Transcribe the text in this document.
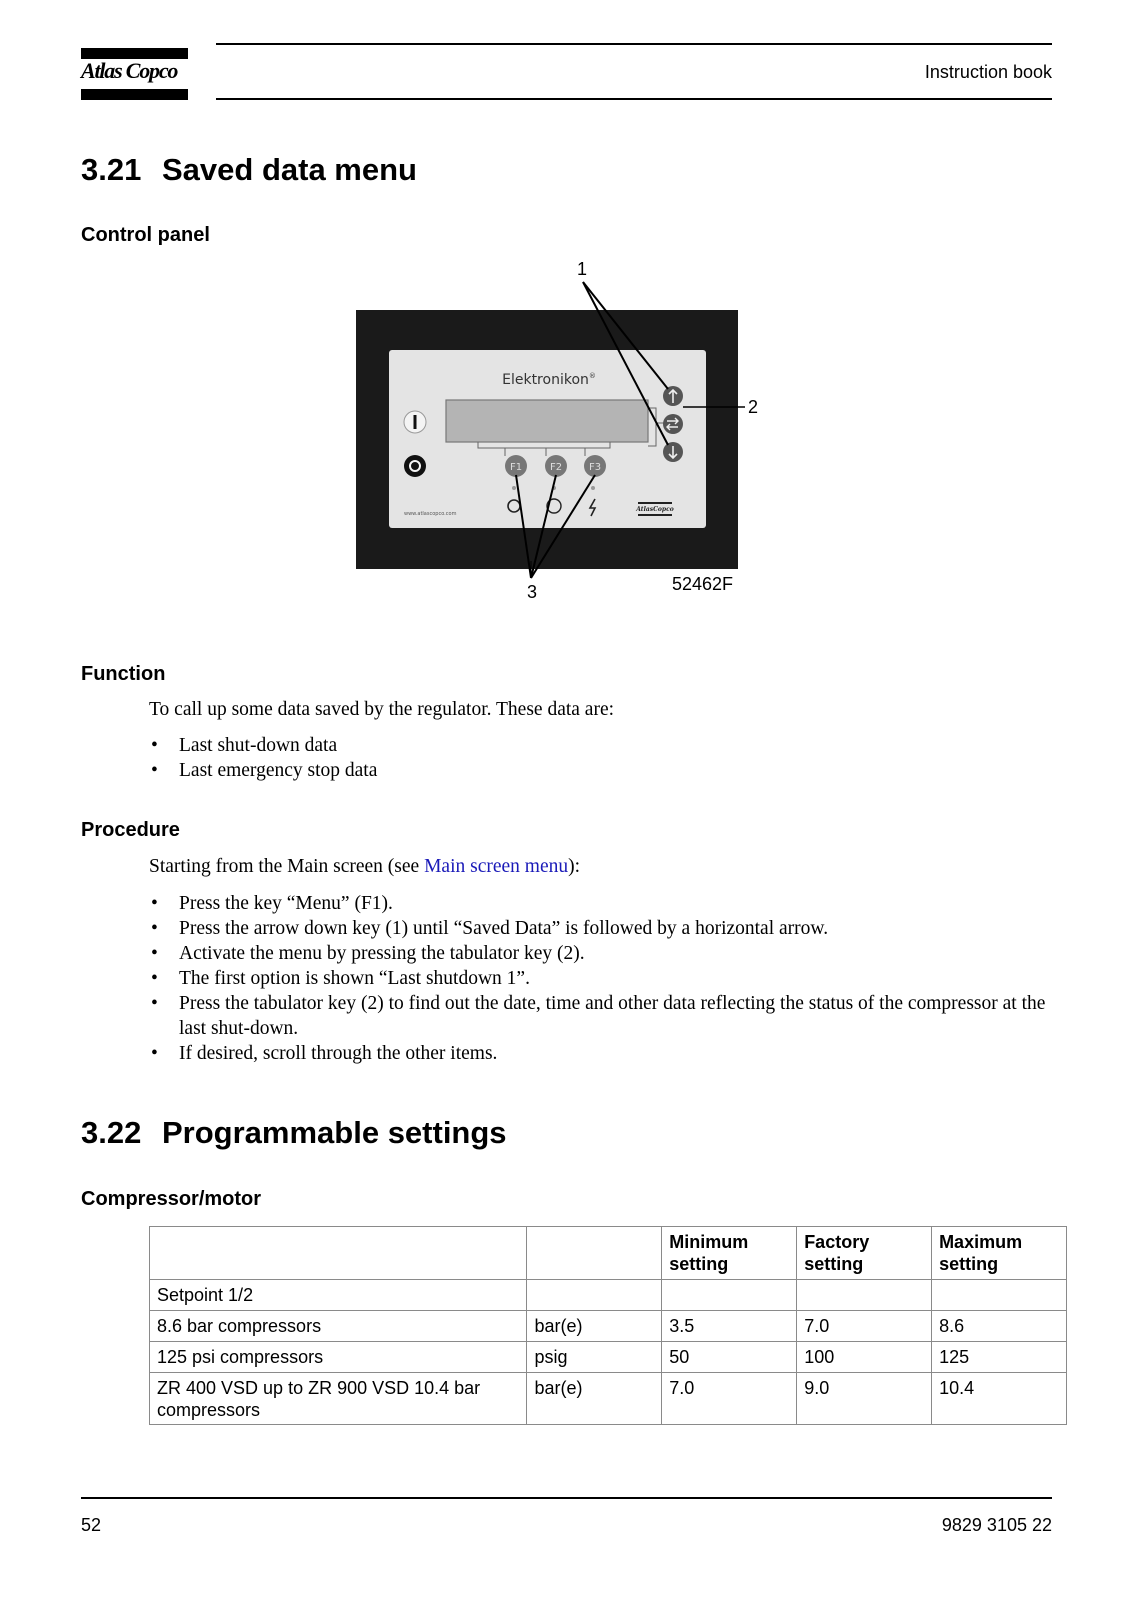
Atlas Copco	Instruction book
3.21 Saved data menu
Control panel
Elektronikon®
F1	F2	F3
www.atlascopco.com
AtlasCopco
1
2
3	52462F
Function
To call up some data saved by the regulator. These data are:
• Last shut-down data
• Last emergency stop data
Procedure
Starting from the Main screen (see Main screen menu):
• Press the key “Menu” (F1).
• Press the arrow down key (1) until “Saved Data” is followed by a horizontal arrow.
• Activate the menu by pressing the tabulator key (2).
• The first option is shown “Last shutdown 1”.
• Press the tabulator key (2) to find out the date, time and other data reflecting the status of the compressor at the last shut-down.
• If desired, scroll through the other items.
3.22 Programmable settings
Compressor/motor
		Minimum setting	Factory setting	Maximum setting
Setpoint 1/2				
8.6 bar compressors	bar(e)	3.5	7.0	8.6
125 psi compressors	psig	50	100	125
ZR 400 VSD up to ZR 900 VSD 10.4 bar compressors	bar(e)	7.0	9.0	10.4
52	9829 3105 22
